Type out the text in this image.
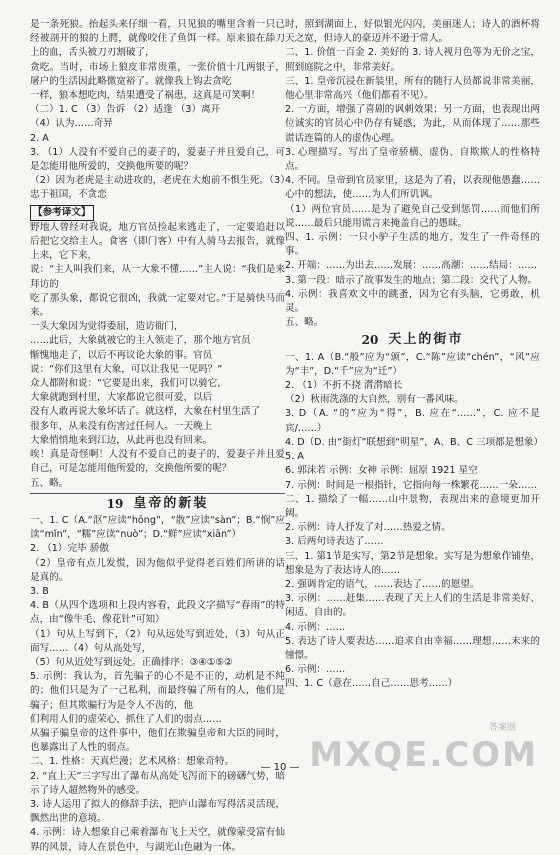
是一条死狼。抬起头来仔细一看，只见狼的嘴里含着一只已经被剖开的狼的上腭，就像咬住了鱼饵一样。原来狼在舔刀上的血，舌头被刀刃割破了，

贪吃。当时，市场上狼皮非常贵重，一张价值十几两银子，屠户的生活因此略微宽裕了。就像我上钩去贪吃

一样，狼本想吃肉，结果遭受了祸患，这真是可笑啊！

（二）1. C （3）告诉 （2）适逢 （3）离开

（4）认为……奇异

2. A

3. （1）人没有不爱自己的妻子的，爱妻子并且爱自己，可是怎能用他所爱的，交换他所要的呢？

（2）因为老虎是主动进攻的，老虎在大炮前不惧生死。（3）忠于祖国，不贪恋

【参考译文】

野地人曾经对我说，地方官员捡起来逃走了，一定要追赶以后把它交给主人。食客（即门客）中有人骑马去报告，就像上来，它下来，

说：“主人叫我们来，从一大象不懂……”主人说：“我们是来拜访的

吃了那头象，都说它很凶，我就一定要对它。”于是骑快马而来。

一头大象因为觉得委屈，造访衙门，

……此后，大象就被它的主人领走了，那个地方官员

惭愧地走了，以后不再议论大象的事。官员

说：“你们这里有大象，可以让我见一见吗？”

众人都附和说：“它要是出来，我们可以骑它，

大象就跑到村里，大家都说它很可爱，以后

没有人敢再说大象坏话了。就这样，大象在村里生活了

很多年，从来没有伤害过任何人。一天晚上

大象悄悄地来到江边，从此再也没有回来。

唉！真是奇怪啊！人没有不爱自己的妻子的，爱妻子并且爱自己，可是怎能用他所爱的，交换他所要的呢？

五、略。

19 皇帝的新装

一、1. C（A.“沤”应读“hōng”，“散”应读“sàn”；B.“悯”应读“mǐn”，“糯”应读“nuò”；D.“鲜”应读“xiān”）

2. （1）完毕 骄傲

（2）皇帝有点儿发慌，因为他似乎觉得老百姓们所讲的话是真的。

3. B

4. B（从四个选项和上段内容看，此段文字描写“春雨”的特点，由“像牛毛、像花针”可知）

（1）句从上写到下，（2）句从远处写到近处，（3）句从正面写……（4）句从高处写，

（5）句从近处写到远处。正确排序：③④①⑤②

5. 示例：我认为，首先骗子的心不是不正的，动机是不纯的；他们只是为了一己私利，而最终骗了所有的人，他们是骗子；但其欺骗行为是令人不齿的，他

们利用人们的虚荣心，抓住了人们的弱点……

从骗子骗皇帝的这件事中，他们在欺骗皇帝和大臣的同时，也暴露出了人性的弱点。

二、1. 性格：天真烂漫；艺术风格：想象奇特。

2. “直上天”三字写出了瀑布从高处飞泻而下的磅礴气势，暗示了诗人超然物外的感受。

3. 诗人运用了拟人的修辞手法，把庐山瀑布写得活灵活现，飘然出世的意境。

4. 示例：诗人想象自己乘着瀑布飞上天空，就像蒙受富有仙界的风景，诗人在景色中，与湖光山色融为一体。

时，照到湖面上，好似银光闪闪，美丽迷人；诗人的酒杯将天之宽，但诗人的豪迈并不逊于常人。

二、1. 价值一百金 2. 美好的 3. 诗人视月色等为无价之宝，照到庭院之中，非常美好。

三、1. 皇帝沉浸在新装里，所有的随行人员都说非常美丽，他心里非常高兴（他们都看不见）。

2. 一方面，增强了喜剧的讽刺效果；另一方面，也表现出两位诚实的官员心中仍存有疑惑，为此，从而体现了……那些谎话连篇的人的虚伪心理。

3. 心理描写。写出了皇帝骄横、虚伪、自欺欺人的性格特点。

4. 不同。皇帝到官员家里，这是为了看，以表现他愚蠢……心中的想法，使……为人们所讥讽。

（1）两位官员……是为了避免自己受到惩罚……而他们所说……最后只能用谎言来掩盖自己的愚昧。

四、1. 示例：一只小驴子生活的地方，发生了一件奇怪的事。

2. 开端：……为出去……发展：……高潮：……结局：……

3. 第一段：暗示了故事发生的地点；第二段：交代了人物。

4. 示例：我喜欢文中的跳蚤，因为它有头脑，它勇敢，机灵。

五、略。

20 天上的街市

一、1. A（B.“般”应为“颁”，C.“陈”应读“chén”，“风”应为“丰”，D.“千”应为“迁”）

2. （1）不折不挠 潸潸暗长

（2）秋雨洗涤的大自然，别有一番风味。

3. D（A. “的”应为“得”，B. 应在“……”，C. 应不是宾/……）

4. D（D. 由“街灯”联想到“明星”，A、B、C 三项都是想象）

5. A

6. 郭沫若 示例：女神 示例：屈原 1921 星空

7. 示例：时间是一根指针，它指向每一株繁花……一朵……

二、1. 描绘了一幅……山中景物，表现出来的意境更加开阔。

2. 示例：诗人抒发了对……热爱之情。

3. 后两句诗表达了……

三、1. 第1节是实写，第2节是想象。实写是为想象作铺垫，想象是为了表达诗人的……

2. 强调肯定的语气，……表达了……的愿望。

3. 示例：……赶集……表现了天上人们的生活是非常美好、闲适、自由的。

4. 示例：……

5. 表达了诗人要表达……追求自由幸福……理想……未来的憧憬。

6. 示例：……

四、1. C（意在……自己……思考……）

— 10 —
答案圈
MXQE.COM
